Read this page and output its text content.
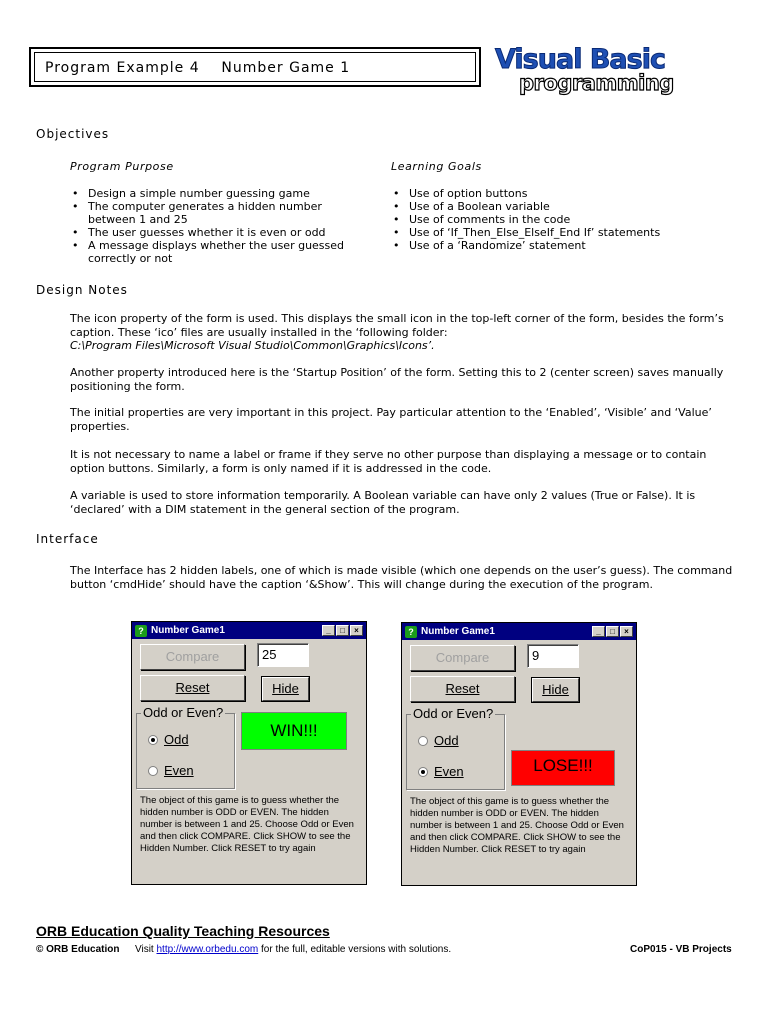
Program Example 4    Number Game 1	Visual Basic
programming
Objectives
Program Purpose
• Design a simple number guessing game
• The computer generates a hidden number between 1 and 25
• The user guesses whether it is even or odd
• A message displays whether the user guessed correctly or not
Learning Goals
• Use of option buttons
• Use of a Boolean variable
• Use of comments in the code
• Use of ‘If_Then_Else_ElseIf_End If’ statements
• Use of a ‘Randomize’ statement
Design Notes
The icon property of the form is used. This displays the small icon in the top-left corner of the form, besides the form’s caption. These ‘ico’ files are usually installed in the ‘following folder:
C:\Program Files\Microsoft Visual Studio\Common\Graphics\Icons’.
Another property introduced here is the ‘Startup Position’ of the form. Setting this to 2 (center screen) saves manually positioning the form.
The initial properties are very important in this project. Pay particular attention to the ‘Enabled’, ‘Visible’ and ‘Value’ properties.
It is not necessary to name a label or frame if they serve no other purpose than displaying a message or to contain option buttons. Similarly, a form is only named if it is addressed in the code.
A variable is used to store information temporarily. A Boolean variable can have only 2 values (True or False). It is ‘declared’ with a DIM statement in the general section of the program.
Interface
The Interface has 2 hidden labels, one of which is made visible (which one depends on the user’s guess). The command button ‘cmdHide’ should have the caption ‘&Show’. This will change during the execution of the program.
? Number Game1	_	□	×
Compare	25
Reset	Hide
Odd or Even?
Odd
Even
WIN!!!
The object of this game is to guess whether the hidden number is ODD or EVEN. The hidden number is between 1 and 25. Choose Odd or Even and then click COMPARE. Click SHOW to see the Hidden Number. Click RESET to try again
? Number Game1	_	□	×
Compare	9
Reset	Hide
Odd or Even?
Odd
Even	LOSE!!!
The object of this game is to guess whether the hidden number is ODD or EVEN. The hidden number is between 1 and 25. Choose Odd or Even and then click COMPARE. Click SHOW to see the Hidden Number. Click RESET to try again
ORB Education Quality Teaching Resources
© ORB Education Visit http://www.orbedu.com for the full, editable versions with solutions.	CoP015 - VB Projects
